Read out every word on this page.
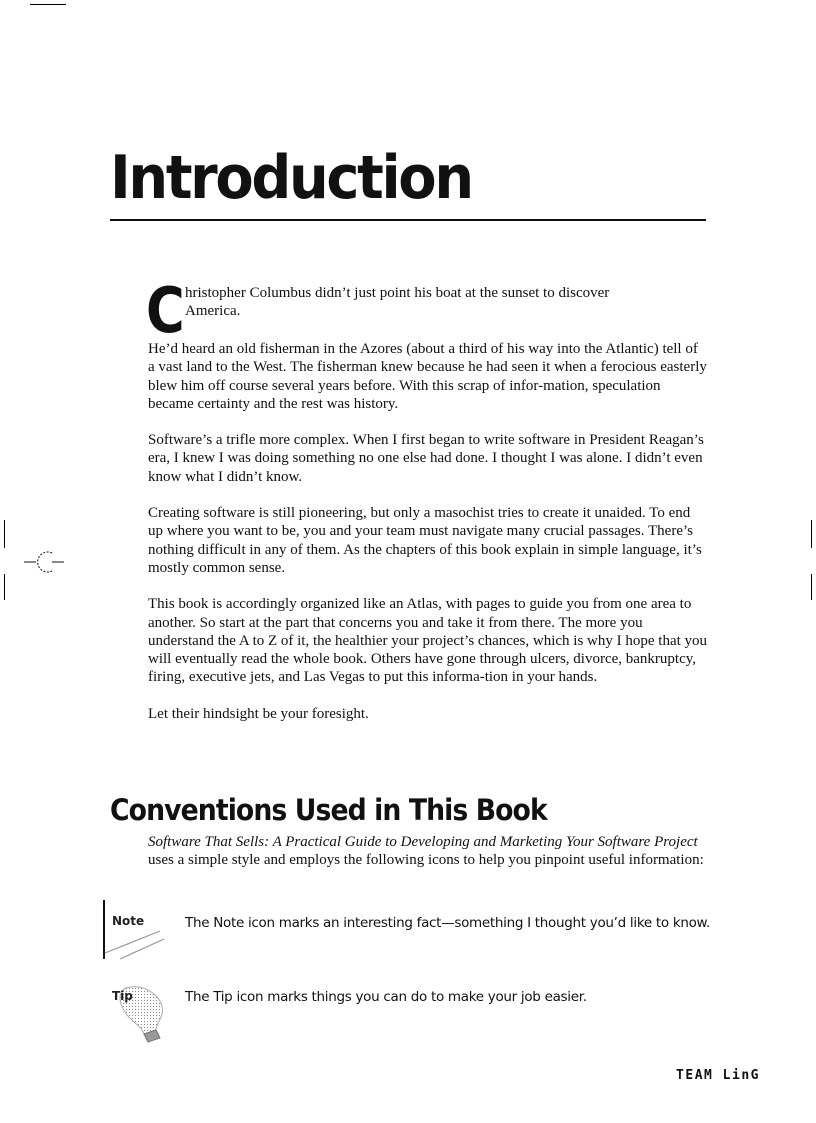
Introduction

C hristopher Columbus didn’t just point his boat at the sunset to discover
America.

He’d heard an old fisherman in the Azores (about a third of his way into the Atlantic) tell of a vast land to the West. The fisherman knew because he had seen it when a ferocious easterly blew him off course several years before. With this scrap of infor-mation, speculation became certainty and the rest was history.

Software’s a trifle more complex. When I first began to write software in President Reagan’s era, I knew I was doing something no one else had done. I thought I was alone. I didn’t even know what I didn’t know.

Creating software is still pioneering, but only a masochist tries to create it unaided. To end up where you want to be, you and your team must navigate many crucial passages. There’s nothing difficult in any of them. As the chapters of this book explain in simple language, it’s mostly common sense.

This book is accordingly organized like an Atlas, with pages to guide you from one area to another. So start at the part that concerns you and take it from there. The more you understand the A to Z of it, the healthier your project’s chances, which is why I hope that you will eventually read the whole book. Others have gone through ulcers, divorce, bankruptcy, firing, executive jets, and Las Vegas to put this informa-tion in your hands.

Let their hindsight be your foresight.

Conventions Used in This Book

Software That Sells: A Practical Guide to Developing and Marketing Your Software Project uses a simple style and employs the following icons to help you pinpoint useful information:

Note	The Note icon marks an interesting fact—something I thought you’d like to know.
Tip	The Tip icon marks things you can do to make your job easier.
TEAM LinG
